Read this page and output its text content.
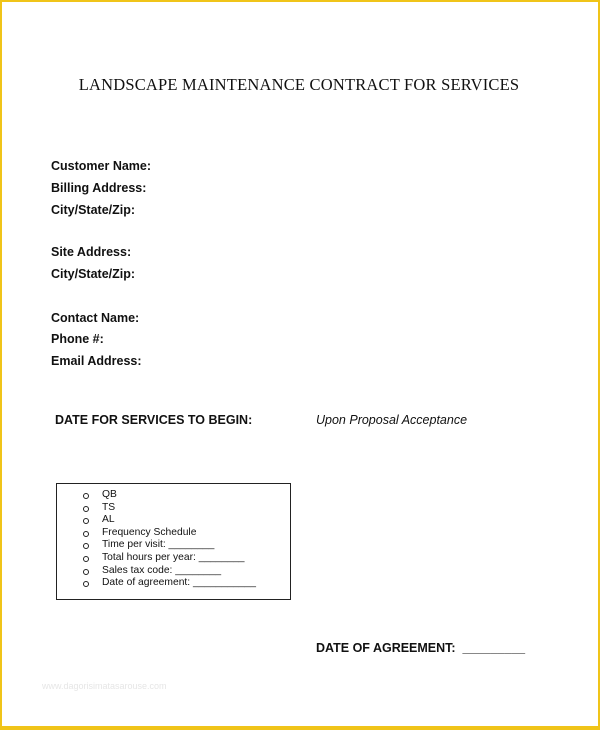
LANDSCAPE MAINTENANCE CONTRACT FOR SERVICES
Customer Name:
Billing Address:
City/State/Zip:
Site Address:
City/State/Zip:
Contact Name:
Phone #:
Email Address:
DATE FOR SERVICES TO BEGIN:	Upon Proposal Acceptance
QB
TS
AL
Frequency Schedule
Time per visit: ________
Total hours per year: ________
Sales tax code: ________
Date of agreement: ___________
DATE OF AGREEMENT: _________
www.dagorisimatasarouse.com
